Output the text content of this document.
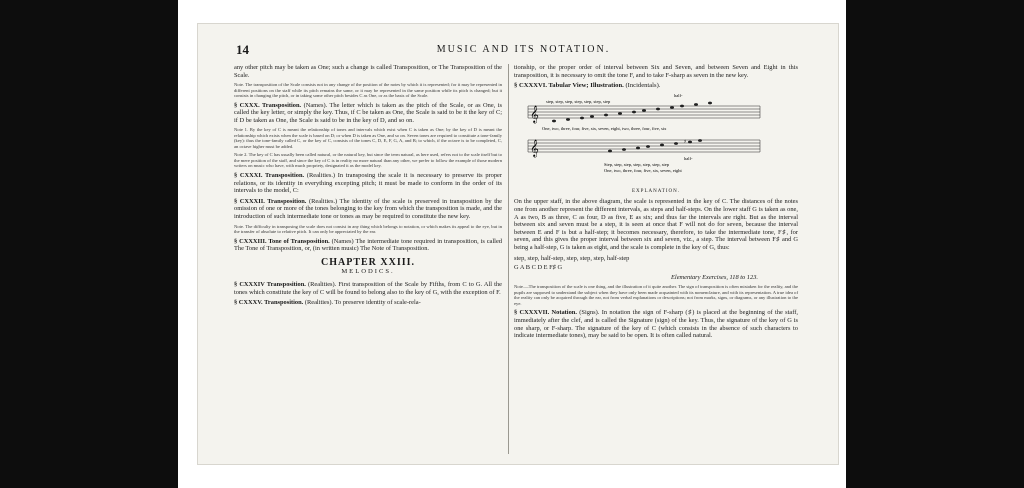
14	MUSIC AND ITS NOTATION.

any other pitch may be taken as One; such a change is called Transposition, or The Transposition of the Scale.

Note. The transposition of the Scale consists not in any change of the position of the notes by which it is represented; for it may be represented in different positions on the staff while its pitch remains the same, or it may be represented in the same position while its pitch is changed; but it consists in changing the pitch, or in taking some other pitch besides C as One, or as the basis of the Scale.

§ CXXX. Transposition. (Names). The letter which is taken as the pitch of the Scale, or as One, is called the key letter, or simply the key. Thus, if C be taken as One, the Scale is said to be it the key of C; if D be taken as One, the Scale is said to be in the key of D, and so on.

Note 1. By the key of C is meant the relationship of tones and intervals which exist when C is taken as One; by the key of D is meant the relationship which exists when the scale is based on D; or when D is taken as One, and so on. Seven tones are required to constitute a tone-family (key): thus the tone-family called C, or the key of C, consists of the tones C, D, E, F, G, A, and B; to which, if the octave is to be completed, C, an octave higher must be added.

Note 2. The key of C has usually been called natural, or the natural key, but since the term natural, as here used, refers not to the scale itself but to the mere position of the staff, and since the key of C is in reality no more natural than any other, we prefer to follow the example of those modern writers on music who have, with much propriety, designated it as the model key.

§ CXXXI. Transposition. (Realities.) In transposing the scale it is necessary to preserve its proper relations, or its identity in everything excepting pitch; it must be made to conform in the order of its intervals to the model, C:

§ CXXXII. Transposition. (Realities.) The identity of the scale is preserved in transposition by the omission of one or more of the tones belonging to the key from which the transposition is made, and the introduction of such intermediate tone or tones as may be required to constitute the new key.

Note. The difficulty in transposing the scale does not consist in any thing which belongs to notation, or which makes its appeal to the eye, but in the transfer of absolute to relative pitch. It can only be appreciated by the ear.

§ CXXXIII. Tone of Transposition. (Names) The intermediate tone required in transposition, is called The Tone of Transposition, or, (in written music) The Note of Transposition.

CHAPTER XXIII.
MELODICS.

§ CXXXIV Transposition. (Realities). First transposition of the Scale by Fifths, from C to G. All the tones which constitute the key of C will be found to belong also to the key of G, with the exception of F.

§ CXXXV. Transposition. (Realities). To preserve identity of scale-rela-

tionship, or the proper order of interval between Six and Seven, and between Seven and Eight in this transposition, it is necessary to omit the tone F, and to take F-sharp as seven in the new key.

§ CXXXVI. Tabular View; Illustration. (Incidentals).
half-
step, step, step, step, step, step, step
𝄞
One, two, three, four, five, six, seven, eight, two, three, four, five, six
𝄞	♯
half-
Step, step, step, step, step, step, step
One, two, three, four, five, six, seven, eight
EXPLANATION.

On the upper staff, in the above diagram, the scale is represented in the key of C. The distances of the notes one from another represent the different intervals, as steps and half-steps. On the lower staff G is taken as one, A as two, B as three, C as four, D as five, E as six; and thus far the intervals are right. But as the interval between six and seven must be a step, it is seen at once that F will not do for seven, because the interval between E and F is but a half-step; it becomes necessary, therefore, to take the intermediate tone, F♯, for seven, and this gives the proper interval between six and seven, viz., a step. The interval between F♯ and G being a half-step, G is taken as eight, and the scale is complete in the key of G, thus:

step, step, half-step, step, step, step, half-step
G A B C D E F♯ G
Elementary Exercises, 118 to 123.

Note.—The transposition of the scale is one thing, and the illustration of it quite another. The sign of transposition is often mistaken for the reality, and the pupils are supposed to understand the subject when they have only been made acquainted with its nomenclature, and with its representation. A true idea of the reality can only be acquired through the ear, not from verbal explanations or descriptions; not from marks, signs, or diagrams, or any illustration to the eye.

§ CXXXVII. Notation. (Signs). In notation the sign of F-sharp (♯) is placed at the beginning of the staff, immediately after the clef, and is called the Signature (sign) of the key. Thus, the signature of the key of G is one sharp, or F-sharp. The signature of the key of C (which consists in the absence of such characters to indicate intermediate tones), may be said to be open. It is often called natural.
